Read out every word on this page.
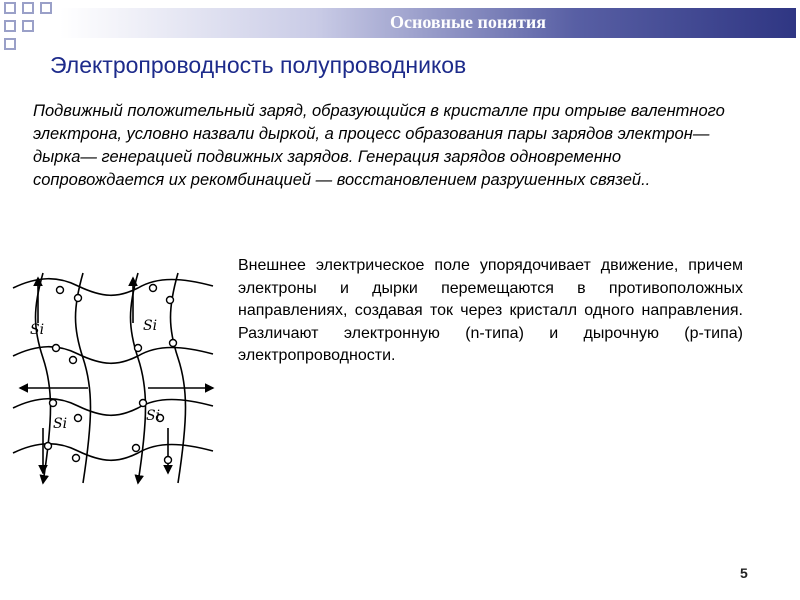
Основные понятия
Электропроводность полупроводников
Подвижный положительный заряд, образующийся в кристалле при отрыве валентного электрона, условно назвали дыркой, а процесс образования пары зарядов электрон— дырка— генерацией подвижных зарядов. Генерация зарядов одновременно сопровождается их рекомбинацией — восстановлением разрушенных связей..
Внешнее электрическое поле упорядочивает движение, причем электроны и дырки перемещаются в противоположных направлениях, создавая ток через кристалл одного направления. Различают электронную (n-типа) и дырочную (p-типа) электропроводности.
Si	Si
Si	Si
5
